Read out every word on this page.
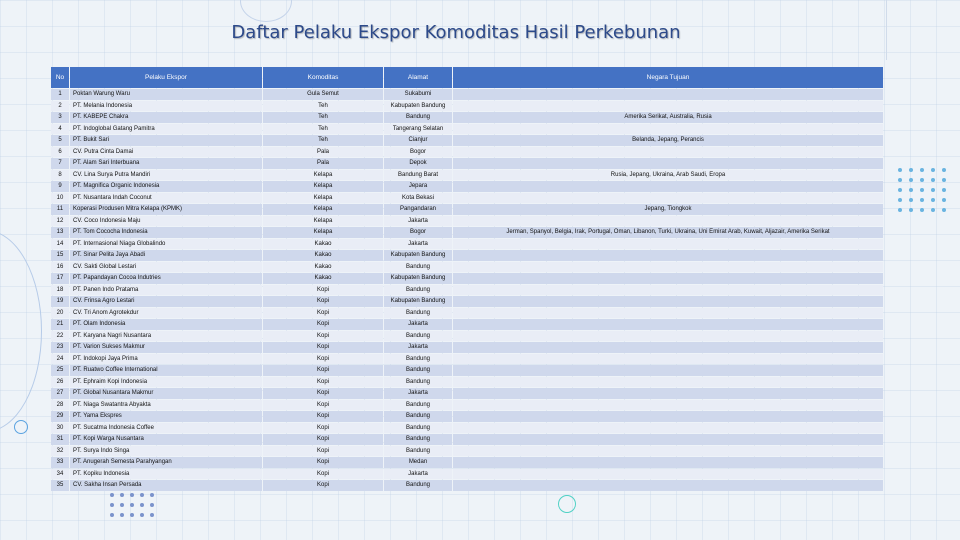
Daftar Pelaku Ekspor Komoditas Hasil Perkebunan
No	Pelaku Ekspor	Komoditas	Alamat	Negara Tujuan
1	Poktan Warung Waru	Gula Semut	Sukabumi	
2	PT. Melania Indonesia	Teh	Kabupaten Bandung	
3	PT. KABEPE Chakra	Teh	Bandung	Amerika Serikat, Australia, Rusia
4	PT. Indoglobal Gatang Pamitra	Teh	Tangerang Selatan	
5	PT. Bukit Sari	Teh	Cianjur	Belanda, Jepang, Perancis
6	CV. Putra Cinta Damai	Pala	Bogor	
7	PT. Alam Sari Interbuana	Pala	Depok	
8	CV. Lina Surya Putra Mandiri	Kelapa	Bandung Barat	Rusia, Jepang, Ukraina, Arab Saudi, Eropa
9	PT. Magnifica Organic Indonesia	Kelapa	Jepara	
10	PT. Nusantara Indah Coconut	Kelapa	Kota Bekasi	
11	Koperasi Produsen Mitra Kelapa (KPMK)	Kelapa	Pangandaran	Jepang, Tiongkok
12	CV. Coco Indonesia Maju	Kelapa	Jakarta	
13	PT. Tom Cococha Indonesia	Kelapa	Bogor	Jerman, Spanyol, Belgia, Irak, Portugal, Oman, Libanon, Turki, Ukraina, Uni Emirat Arab, Kuwait, Aljazair, Amerika Serikat
14	PT. Internasional Niaga Globalindo	Kakao	Jakarta	
15	PT. Sinar Pelita Jaya Abadi	Kakao	Kabupaten Bandung	
16	CV. Sakti Global Lestari	Kakao	Bandung	
17	PT. Papandayan Cocoa Indutries	Kakao	Kabupaten Bandung	
18	PT. Panen Indo Pratama	Kopi	Bandung	
19	CV. Frinsa Agro Lestari	Kopi	Kabupaten Bandung	
20	CV. Tri Anom Agrotekdur	Kopi	Bandung	
21	PT. Olam Indonesia	Kopi	Jakarta	
22	PT. Karyana Nagri Nusantara	Kopi	Bandung	
23	PT. Varion Sukses Makmur	Kopi	Jakarta	
24	PT. Indokopi Jaya Prima	Kopi	Bandung	
25	PT. Ruatwo Coffee International	Kopi	Bandung	
26	PT. Ephraim Kopi Indonesia	Kopi	Bandung	
27	PT. Global Nusantara Makmur	Kopi	Jakarta	
28	PT. Niaga Swatantra Abyakta	Kopi	Bandung	
29	PT. Yama Ekspres	Kopi	Bandung	
30	PT. Sucatma Indonesia Coffee	Kopi	Bandung	
31	PT. Kopi Warga Nusantara	Kopi	Bandung	
32	PT. Surya Indo Singa	Kopi	Bandung	
33	PT. Anugerah Semesta Parahyangan	Kopi	Medan	
34	PT. Kopiku Indonesia	Kopi	Jakarta	
35	CV. Sakha Insan Persada	Kopi	Bandung	
